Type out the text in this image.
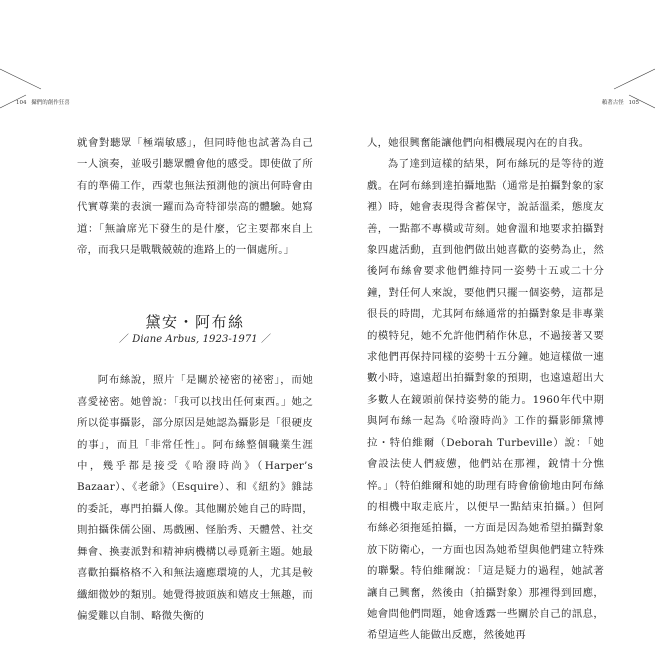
104 攝們的創作狂喜	賴著古怪 105

就會對聽眾「極端敏感」，但同時他也試著為自己一人演奏，並吸引聽眾體會他的感受。即使做了所有的準備工作，西蒙也無法預測他的演出何時會由代實尊業的表演一躍而為奇特卻崇高的體驗。她寫道：「無論席光下發生的是什麼，它主要都來自上帝，而我只是戰戰兢兢的進路上的一個處所。」

黛安・阿布絲
／ Diane Arbus, 1923-1971 ／

阿布絲說，照片「是關於祕密的祕密」，而她喜愛祕密。她曾說：「我可以找出任何東西。」她之所以從事攝影，部分原因是她認為攝影是「很硬皮的事」，而且「非常任性」。阿布絲整個職業生涯中，幾乎都是接受《哈潑時尚》（Harper’s Bazaar）、《老爺》（Esquire）、和《紐約》雜誌的委託，專門拍攝人像。其他關於她自己的時間，則拍攝侏儒公園、馬戲團、怪胎秀、天體營、社交舞會、換妻派對和精神病機構以尋覓新主題。她最喜歡拍攝格格不入和無法適應環境的人，尤其是較纖細微妙的類別。她覺得披頭族和嬉皮士無趣，而偏愛難以自制、略微失衡的

人，她很興奮能讓他們向相機展現內在的自我。

為了達到這樣的結果，阿布絲玩的是等待的遊戲。在阿布絲到達拍攝地點（通常是拍攝對象的家裡）時，她會表現得含蓄保守，說話溫柔，態度友善，一點都不專橫或苛刻。她會溫和地要求拍攝對象四處活動，直到他們做出她喜歡的姿勢為止，然後阿布絲會要求他們維持同一姿勢十五或二十分鐘，對任何人來說，要他們只擺一個姿勢，這都是很長的時間，尤其阿布絲通常的拍攝對象是非專業的模特兒，她不允許他們稍作休息，不過接著又要求他們再保持同樣的姿勢十五分鐘。她這樣做一連數小時，遠遠超出拍攝對象的預期，也遠遠超出大多數人在鏡頭前保持姿勢的能力。1960年代中期與阿布絲一起為《哈潑時尚》工作的攝影師黛博拉・特伯維爾（Deborah Turbeville）說：「她會設法使人們疲憊，他們站在那裡，銳情十分憔悴。」（特伯維爾和她的助理有時會偷偷地由阿布絲的相機中取走底片，以便早一點結束拍攝。）但阿布絲必須拖延拍攝，一方面是因為她希望拍攝對象放下防衛心，一方面也因為她希望與他們建立特殊的聯繫。特伯維爾說：「這是疑力的過程，她試著讓自己興奮，然後由（拍攝對象）那裡得到回應，她會問他們問題，她會透露一些關於自己的訊息，希望這些人能做出反應，然後她再
